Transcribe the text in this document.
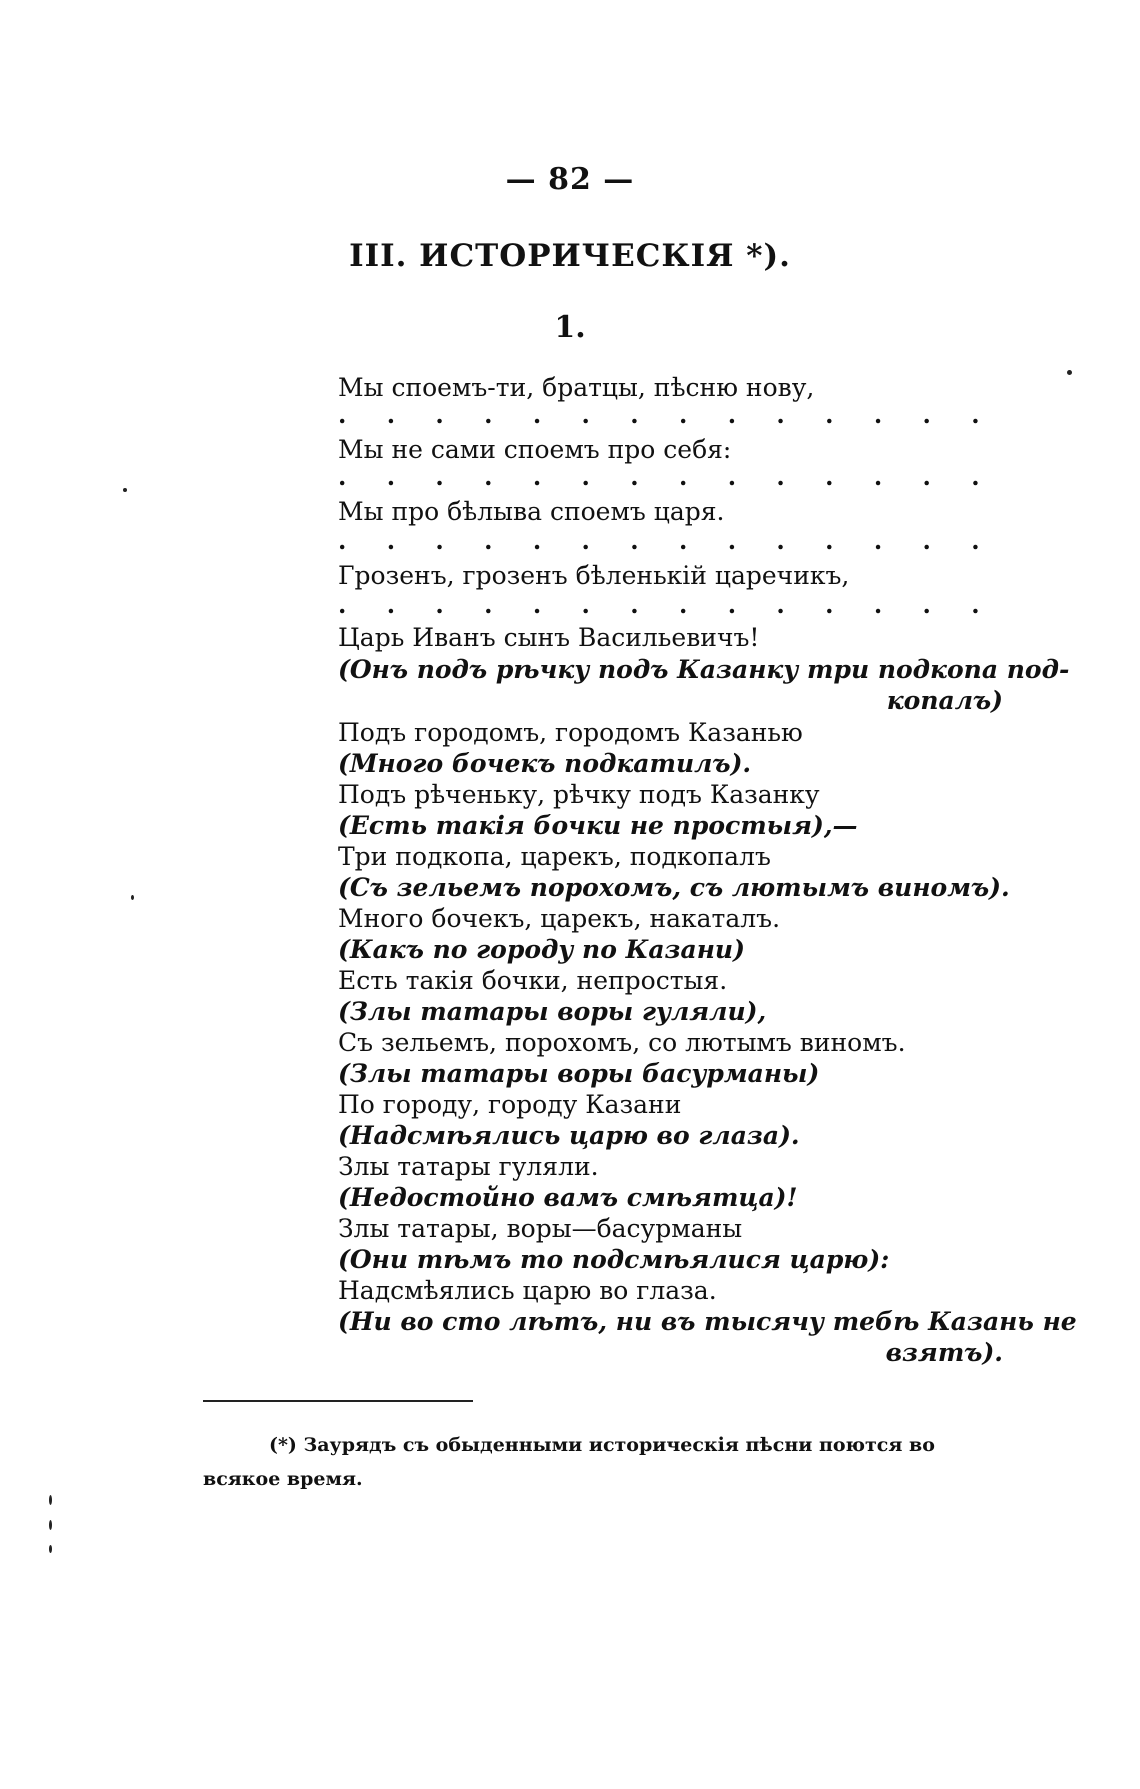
— 82 —
III. ИСТОРИЧЕСКІЯ *).
1.
Мы споемъ-ти, братцы, пѣсню нову,
. . . . . . . . . . . . . .
Мы не сами споемъ про себя:
. . . . . . . . . . . . . .
Мы про бѣлыва споемъ царя.
. . . . . . . . . . . . . .
Грозенъ, грозенъ бѣленькій царечикъ,
. . . . . . . . . . . . . .
Царь Иванъ сынъ Васильевичъ!
(Онъ подъ рѣчку подъ Казанку три подкопа под-
копалъ)
Подъ городомъ, городомъ Казанью
(Много бочекъ подкатилъ).
Подъ рѣченьку, рѣчку подъ Казанку
(Есть такія бочки не простыя),—
Три подкопа, царекъ, подкопалъ
(Съ зельемъ порохомъ, съ лютымъ виномъ).
Много бочекъ, царекъ, накаталъ.
(Какъ по городу по Казани)
Есть такія бочки, непростыя.
(Злы татары воры гуляли),
Съ зельемъ, порохомъ, со лютымъ виномъ.
(Злы татары воры басурманы)
По городу, городу Казани
(Надсмѣялись царю во глаза).
Злы татары гуляли.
(Недостойно вамъ смѣятца)!
Злы татары, воры—басурманы
(Они тѣмъ то подсмѣялися царю):
Надсмѣялись царю во глаза.
(Ни во сто лѣтъ, ни въ тысячу тебѣ Казань не
взятъ).
(*) Заурядъ съ обыденными историческія пѣсни поются во всякое время.
